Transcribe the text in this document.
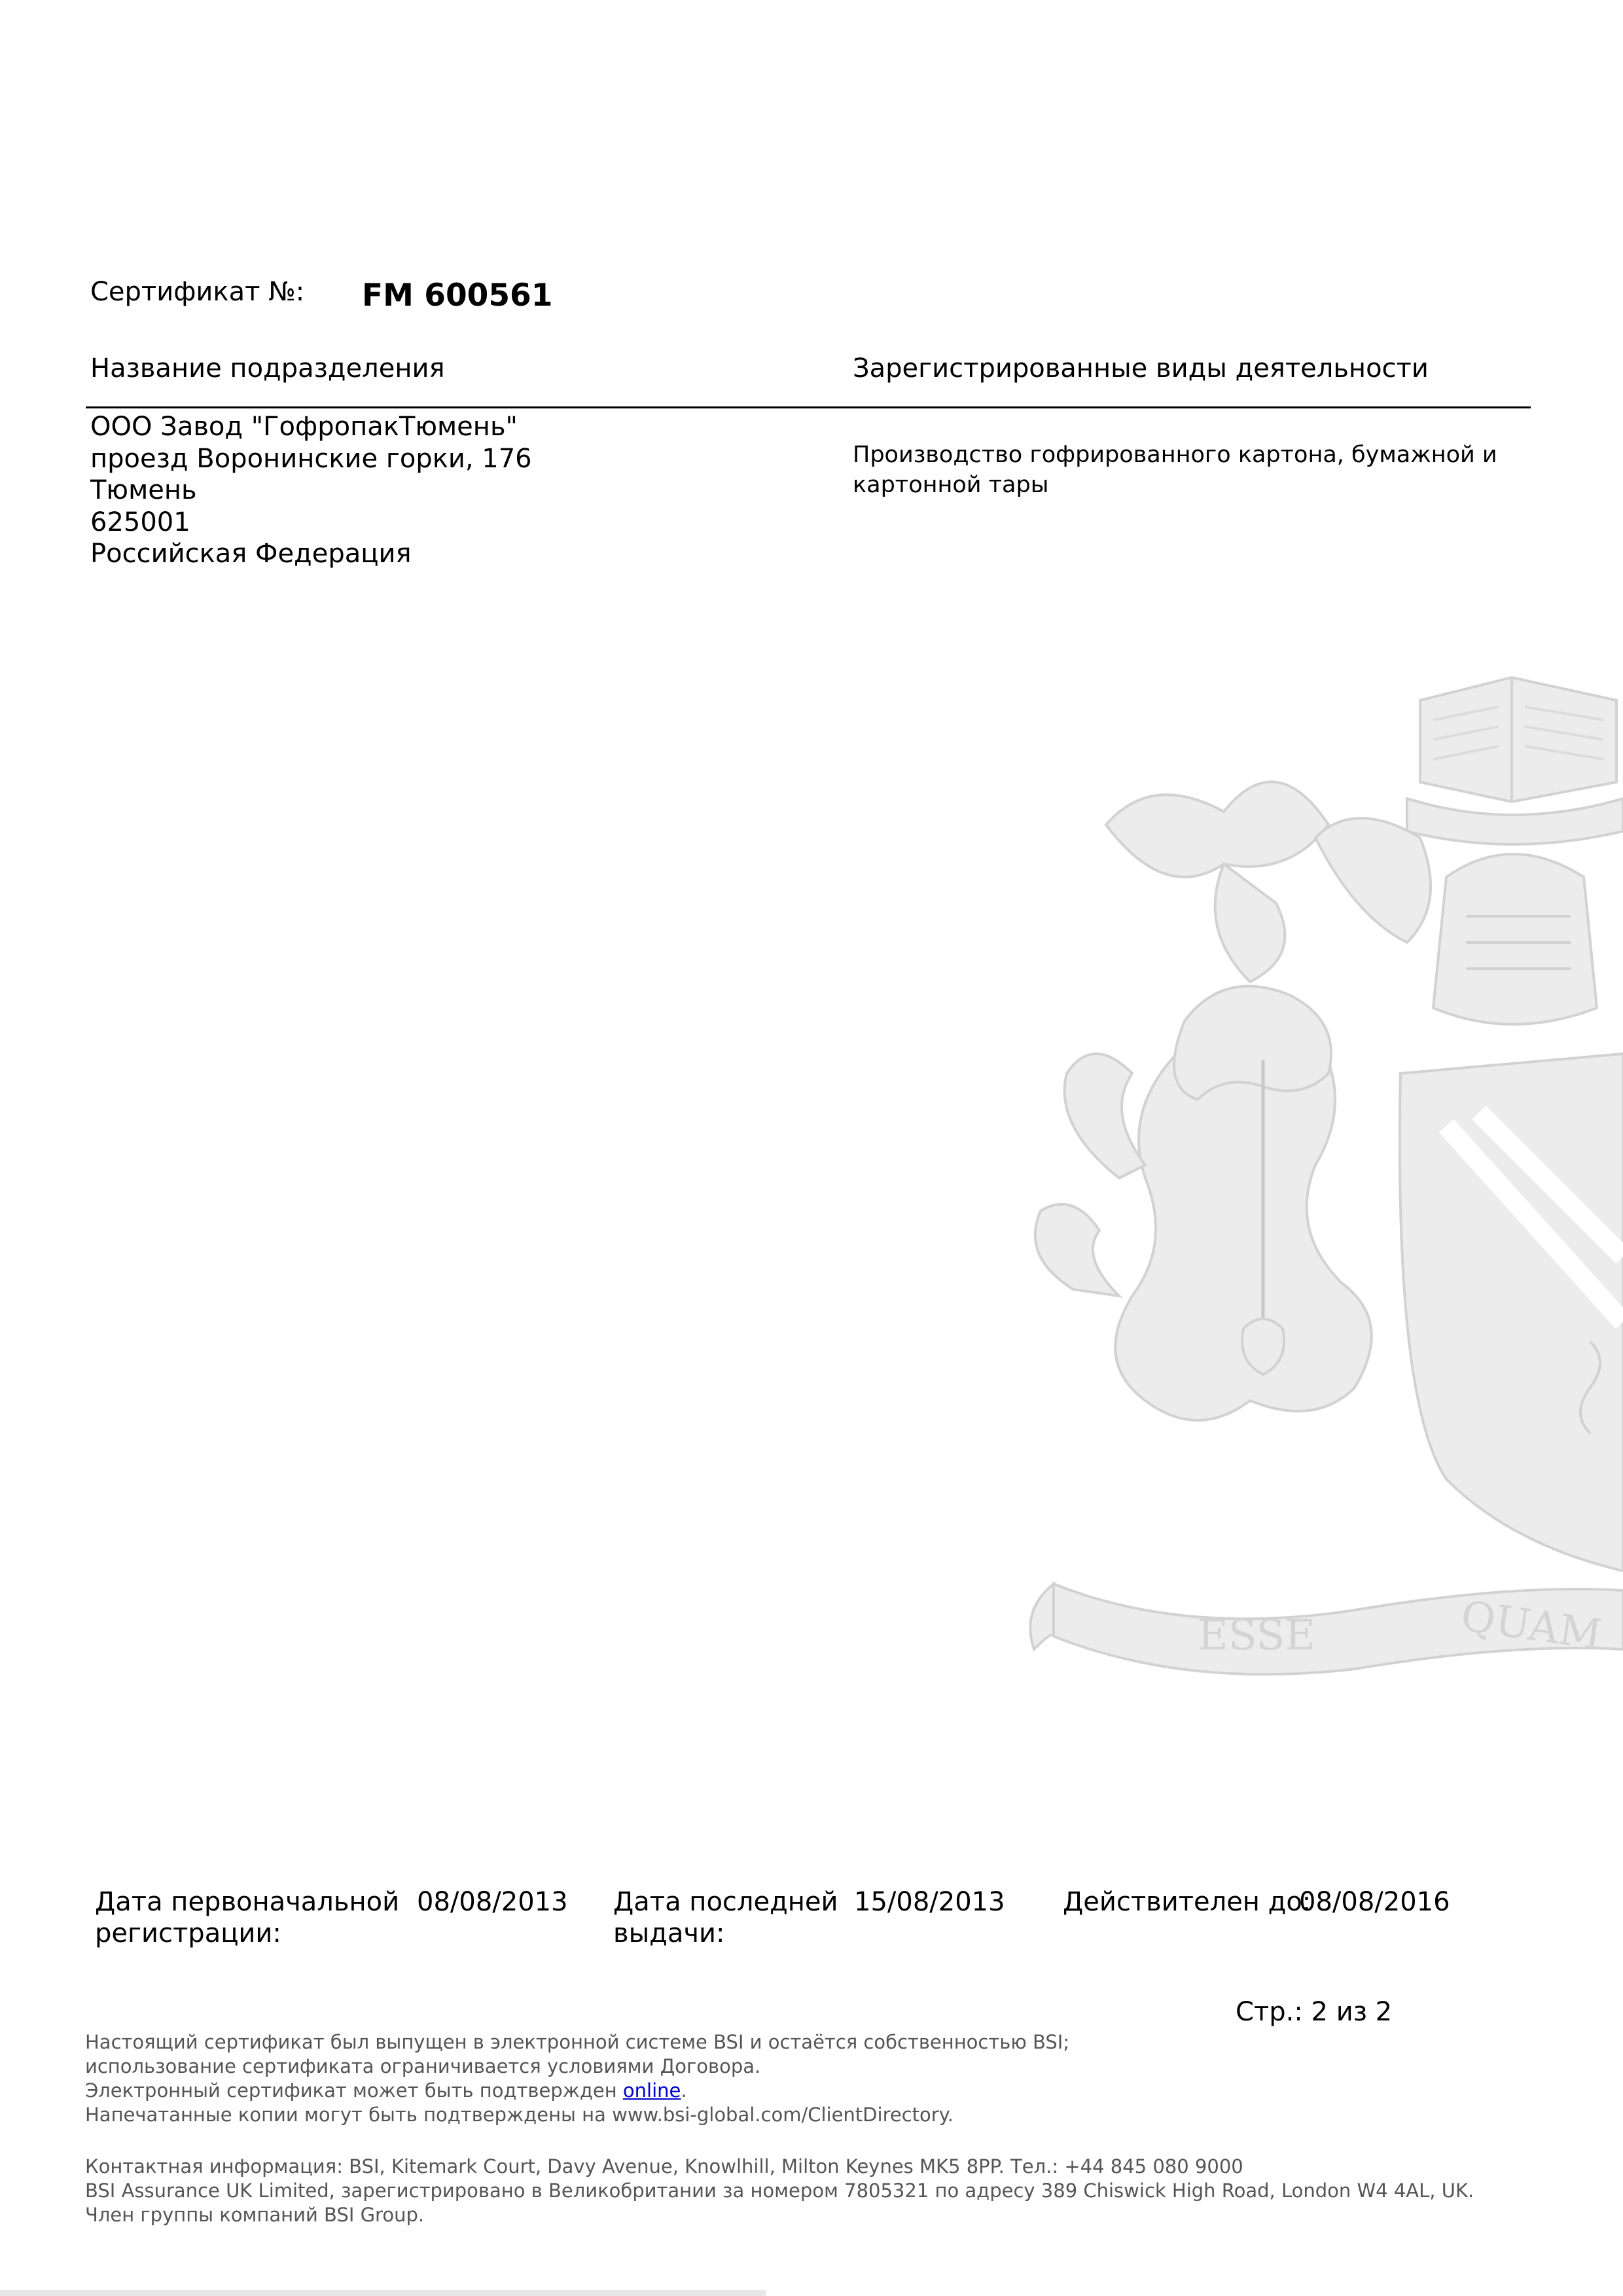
ESSE	QUAM
Сертификат №: FM 600561
Название подразделения	Зарегистрированные виды деятельности
ООО Завод "ГофропакТюмень"
проезд Воронинские горки, 176
Тюмень
625001
Российская Федерация
Производство гофрированного картона, бумажной и
картонной тары
Дата первоначальной
регистрации:
08/08/2013 Дата последней
выдачи:
15/08/2013 Действителен до:
08/08/2016
Стр.: 2 из 2
Настоящий сертификат был выпущен в электронной системе BSI и остаётся собственностью BSI;
использование сертификата ограничивается условиями Договора.
Электронный сертификат может быть подтвержден online.
Напечатанные копии могут быть подтверждены на www.bsi-global.com/ClientDirectory.
Контактная информация: BSI, Kitemark Court, Davy Avenue, Knowlhill, Milton Keynes MK5 8PP. Тел.: +44 845 080 9000
BSI Assurance UK Limited, зарегистрировано в Великобритании за номером 7805321 по адресу 389 Chiswick High Road, London W4 4AL, UK.
Член группы компаний BSI Group.
